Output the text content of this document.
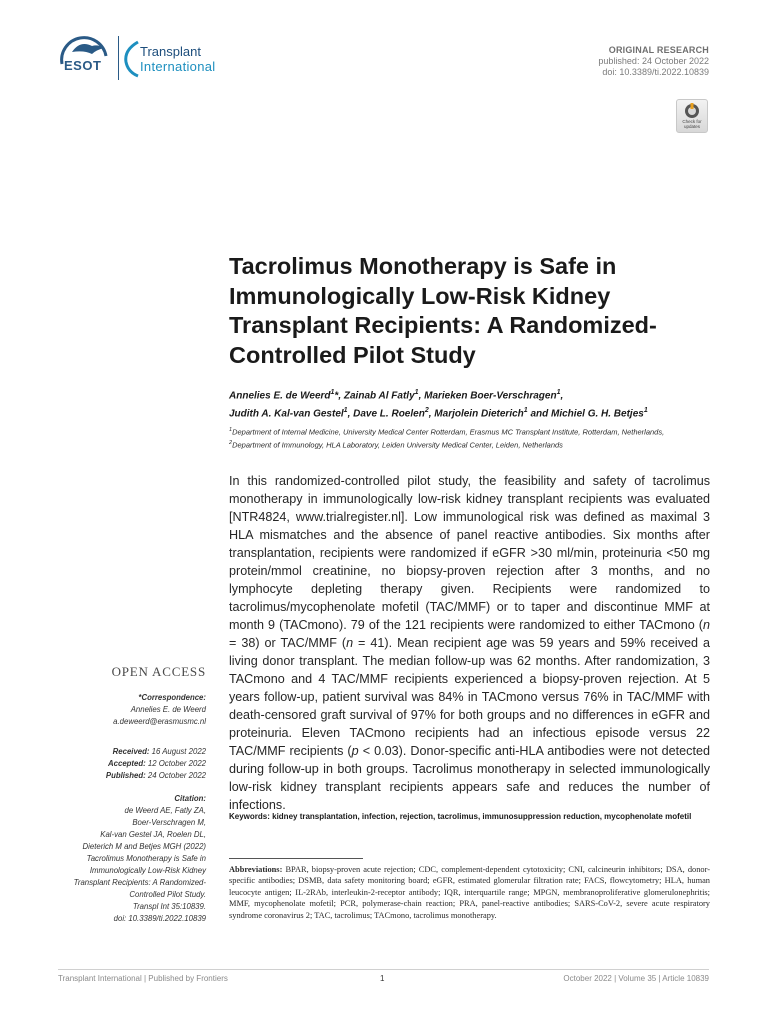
ESOT
Transplant
International
ORIGINAL RESEARCH
published: 24 October 2022
doi: 10.3389/ti.2022.10839
Check for updates
Tacrolimus Monotherapy is Safe in Immunologically Low-Risk Kidney Transplant Recipients: A Randomized-Controlled Pilot Study
Annelies E. de Weerd$^1$*, Zainab Al Fatly$^1$, Marieken Boer-Verschragen$^1$,
Judith A. Kal-van Gestel$^1$, Dave L. Roelen$^2$, Marjolein Dieterich$^1$ and Michiel G. H. Betjes$^1$
$^1$Department of Internal Medicine, University Medical Center Rotterdam, Erasmus MC Transplant Institute, Rotterdam, Netherlands, $^2$Department of Immunology, HLA Laboratory, Leiden University Medical Center, Leiden, Netherlands
In this randomized-controlled pilot study, the feasibility and safety of tacrolimus monotherapy in immunologically low-risk kidney transplant recipients was evaluated [NTR4824, www.trialregister.nl]. Low immunological risk was defined as maximal 3 HLA mismatches and the absence of panel reactive antibodies. Six months after transplantation, recipients were randomized if eGFR >30 ml/min, proteinuria <50 mg protein/mmol creatinine, no biopsy-proven rejection after 3 months, and no lymphocyte depleting therapy given. Recipients were randomized to tacrolimus/mycophenolate mofetil (TAC/MMF) or to taper and discontinue MMF at month 9 (TACmono). 79 of the 121 recipients were randomized to either TACmono (n = 38) or TAC/MMF (n = 41). Mean recipient age was 59 years and 59% received a living donor transplant. The median follow-up was 62 months. After randomization, 3 TACmono and 4 TAC/MMF recipients experienced a biopsy-proven rejection. At 5 years follow-up, patient survival was 84% in TACmono versus 76% in TAC/MMF with death-censored graft survival of 97% for both groups and no differences in eGFR and proteinuria. Eleven TACmono recipients had an infectious episode versus 22 TAC/MMF recipients (p < 0.03). Donor-specific anti-HLA antibodies were not detected during follow-up in both groups. Tacrolimus monotherapy in selected immunologically low-risk kidney transplant recipients appears safe and reduces the number of infections.
Keywords: kidney transplantation, infection, rejection, tacrolimus, immunosuppression reduction, mycophenolate mofetil
Abbreviations: BPAR, biopsy-proven acute rejection; CDC, complement-dependent cytotoxicity; CNI, calcineurin inhibitors; DSA, donor-specific antibodies; DSMB, data safety monitoring board; eGFR, estimated glomerular filtration rate; FACS, flowcytometry; HLA, human leucocyte antigen; IL-2RAb, interleukin-2-receptor antibody; IQR, interquartile range; MPGN, membranoproliferative glomerulonephritis; MMF, mycophenolate mofetil; PCR, polymerase-chain reaction; PRA, panel-reactive antibodies; SARS-CoV-2, severe acute respiratory syndrome coronavirus 2; TAC, tacrolimus; TACmono, tacrolimus monotherapy.
OPEN ACCESS
*Correspondence:
Annelies E. de Weerd
a.deweerd@erasmusmc.nl
Received: 16 August 2022
Accepted: 12 October 2022
Published: 24 October 2022
Citation:
de Weerd AE, Fatly ZA,
Boer-Verschragen M,
Kal-van Gestel JA, Roelen DL,
Dieterich M and Betjes MGH (2022)
Tacrolimus Monotherapy is Safe in
Immunologically Low-Risk Kidney
Transplant Recipients: A Randomized-
Controlled Pilot Study.
Transpl Int 35:10839.
doi: 10.3389/ti.2022.10839
Transplant International | Published by Frontiers	1	October 2022 | Volume 35 | Article 10839
